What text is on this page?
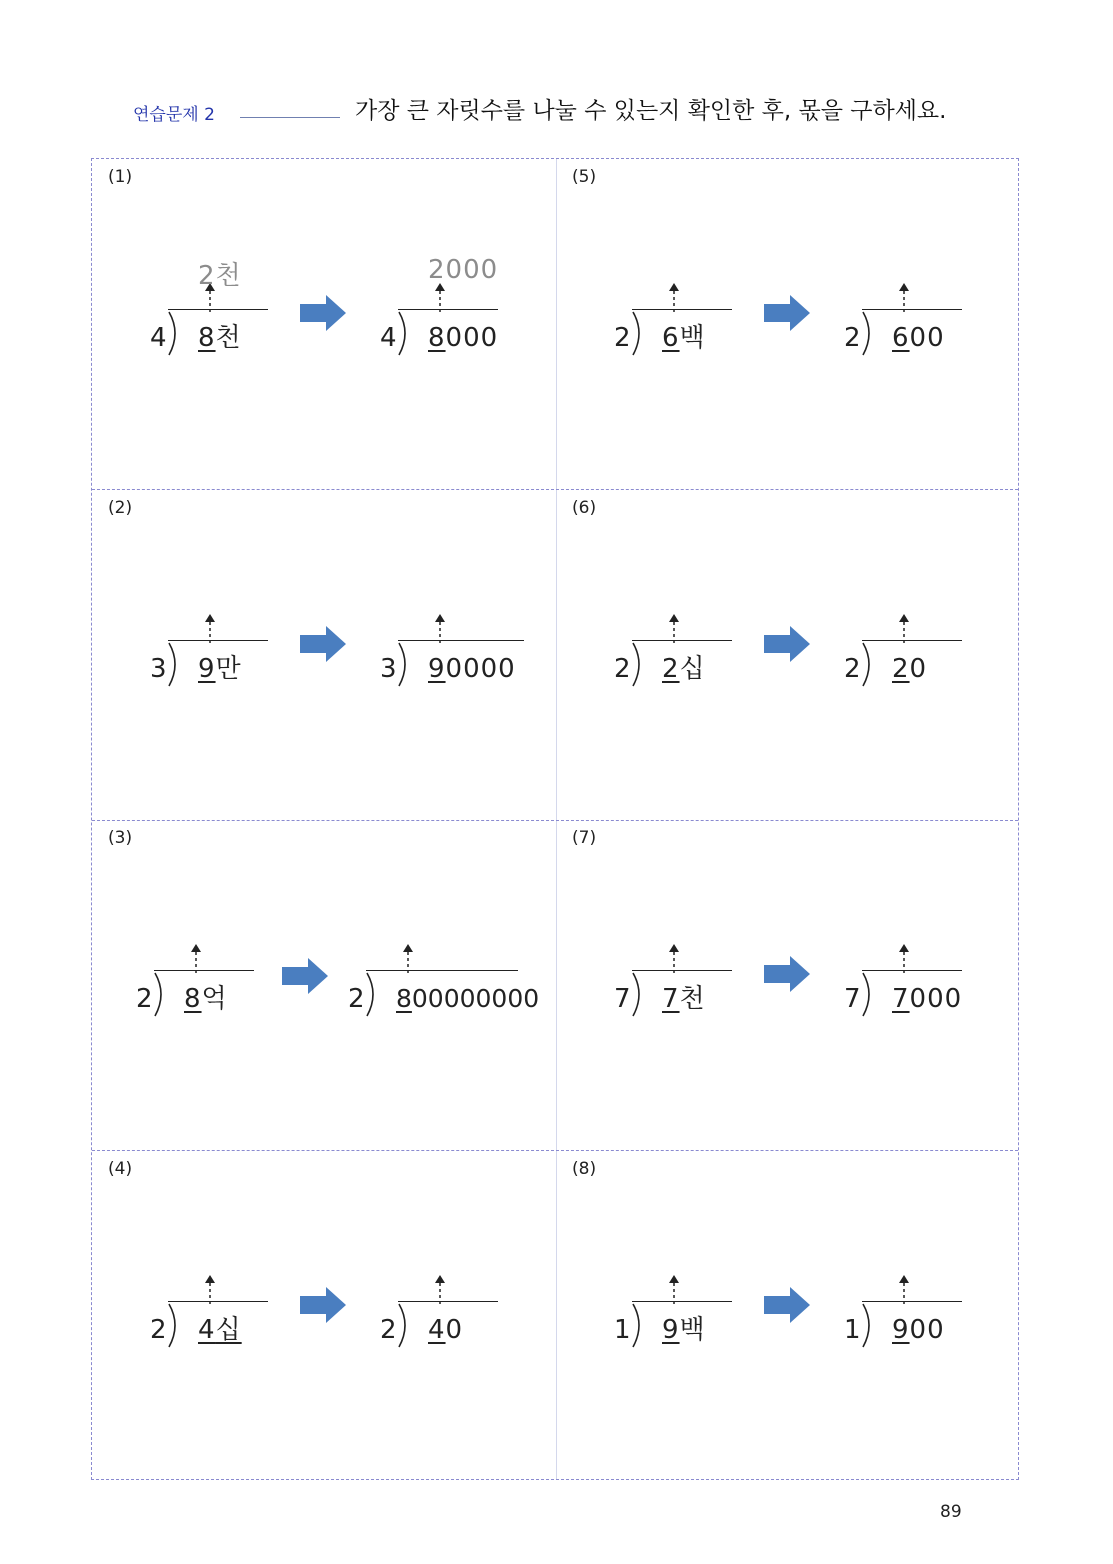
연습문제 2	가장 큰 자릿수를 나눌 수 있는지 확인한 후, 몫을 구하세요.
(1)
4
2천
8천	4
2000
8000
(2)
3 9만	3 90000
(3)
2 8억	2 800000000
(4)
2 4십	2 40
(5)
2 6백	2 600
(6)
2 2십	2 20
(7)
7 7천	7 7000
(8)
1 9백	1 900
89
